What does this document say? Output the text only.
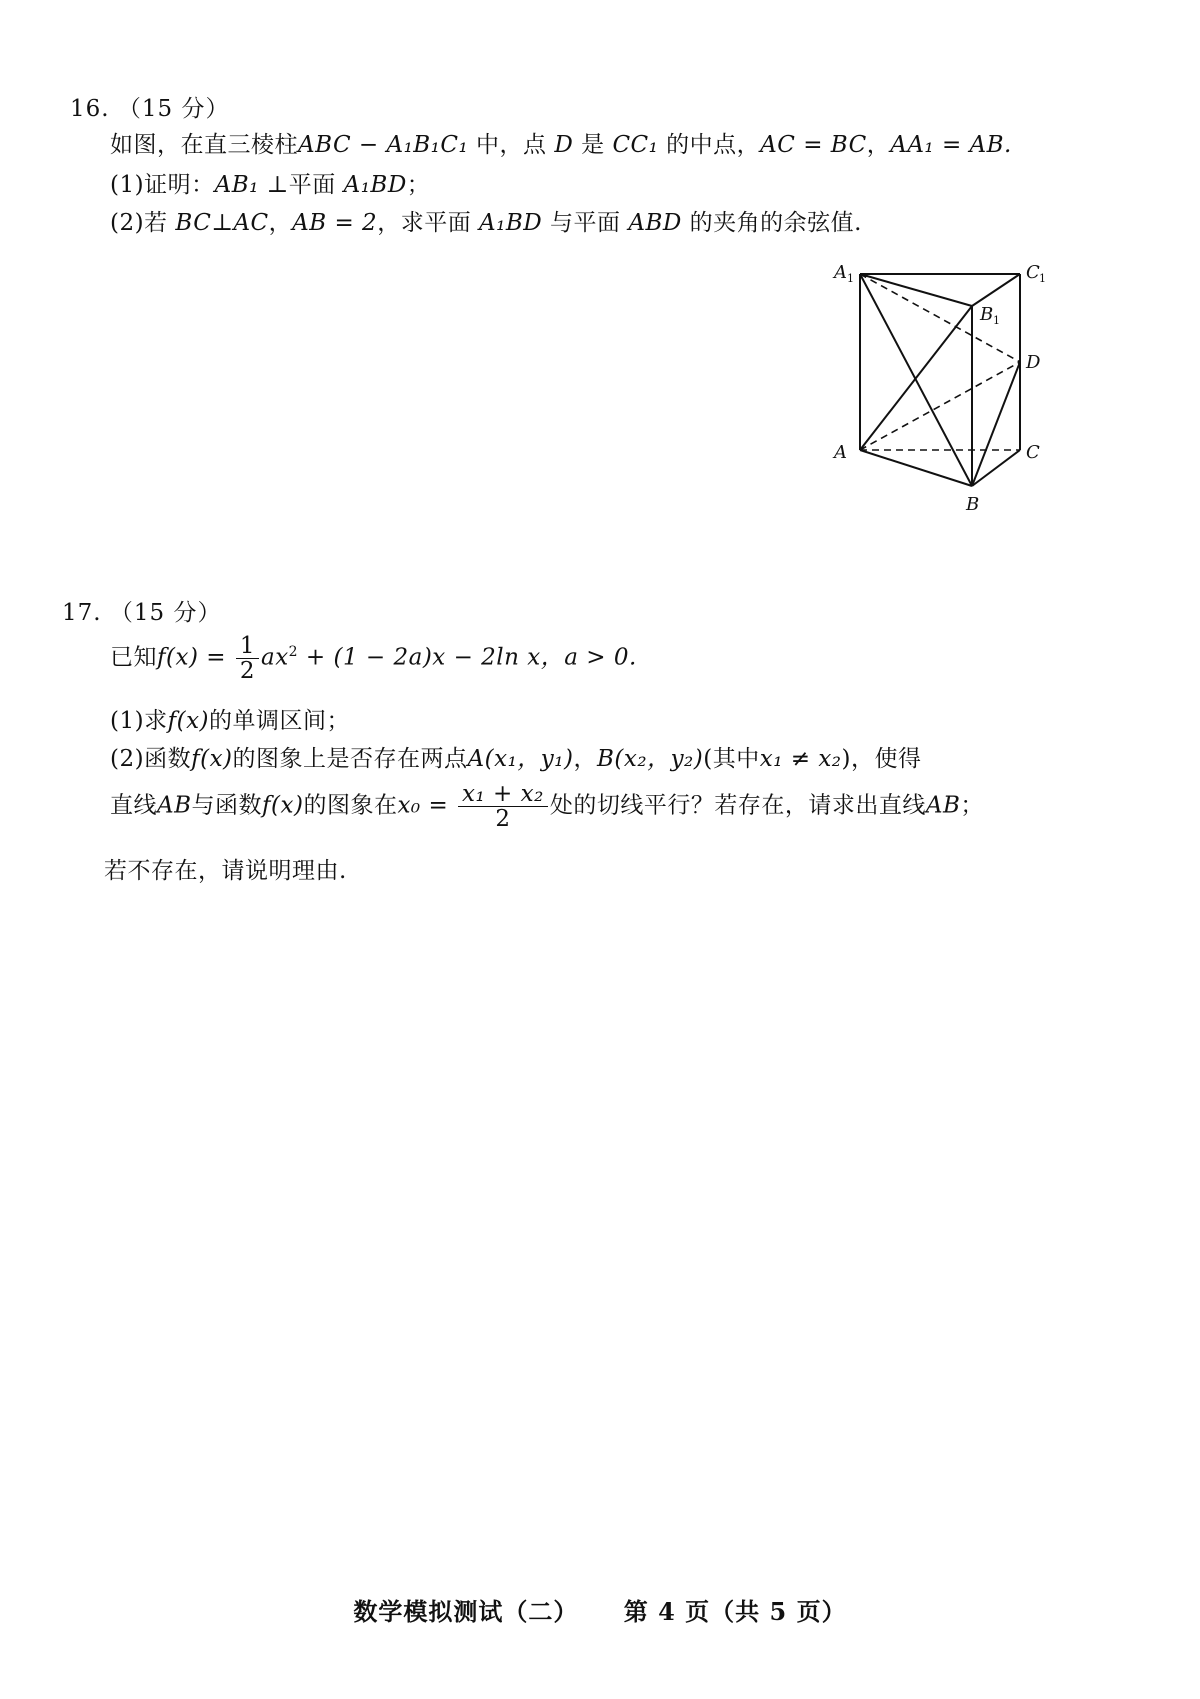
16. （15 分）
如图，在直三棱柱ABC − A₁B₁C₁ 中，点 D 是 CC₁ 的中点，AC = BC，AA₁ = AB.
(1)证明：AB₁ ⊥平面 A₁BD；
(2)若 BC⊥AC，AB = 2，求平面 A₁BD 与平面 ABD 的夹角的余弦值.
A 1	C 1
B 1
D
A	C
B
17. （15 分）
已知$f(x) = \frac{1}{2} ax^2 + (1 - 2a)x - 2\ln$ x，a > 0.
(1)求f(x)的单调区间；
(2)函数f(x)的图象上是否存在两点A(x₁，y₁)，B(x₂，y₂)(其中x₁ ≠ x₂)，使得
直线AB与函数f(x)的图象在$x_0 = \frac{\text{x₁ + x₂}}{2}$ 处的切线平行？若存在，请求出直线AB；
若不存在，请说明理由.
数学模拟测试（二） 第 4 页（共 5 页）
